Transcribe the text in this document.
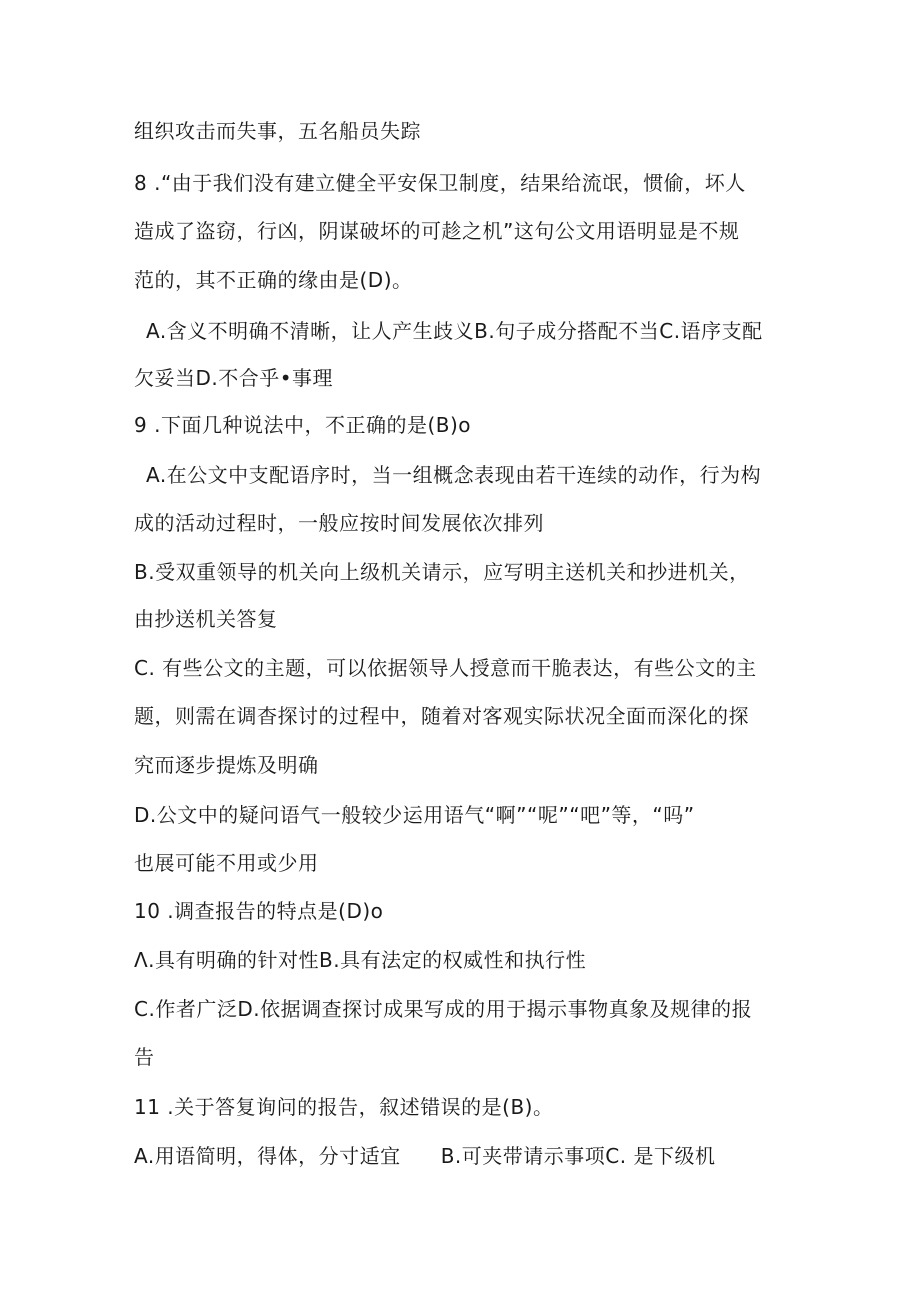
组织攻击而失事，五名船员失踪
8 .“由于我们没有建立健全平安保卫制度，结果给流氓，惯偷，坏人
造成了盗窃，行凶，阴谋破坏的可趁之机”这句公文用语明显是不规
范的，其不正确的缘由是(D)。
A.含义不明确不清晰，让人产生歧义B.句子成分搭配不当C.语序支配
欠妥当D.不合乎•事理
9 .下面几种说法中，不正确的是(B)o
A.在公文中支配语序时，当一组概念表现由若干连续的动作，行为构
成的活动过程时，一般应按时间发展依次排列
B.受双重领导的机关向上级机关请示，应写明主送机关和抄进机关，
由抄送机关答复
C. 有些公文的主题，可以依据领导人授意而干脆表达，有些公文的主
题，则需在调杳探讨的过程中，随着对客观实际状况全面而深化的探
究而逐步提炼及明确
D.公文中的疑问语气一般较少运用语气“啊”“呢”“吧”等，“吗”
也展可能不用或少用
10 .调查报告的特点是(D)o
Λ.具有明确的针对性B.具有法定的权威性和执行性
C.作者广泛D.依据调查探讨成果写成的用于揭示事物真象及规律的报
告
11 .关于答复询问的报告，叙述错误的是(B)。
A.用语简明，得体，分寸适宜 B.可夹带请示事项C. 是下级机
